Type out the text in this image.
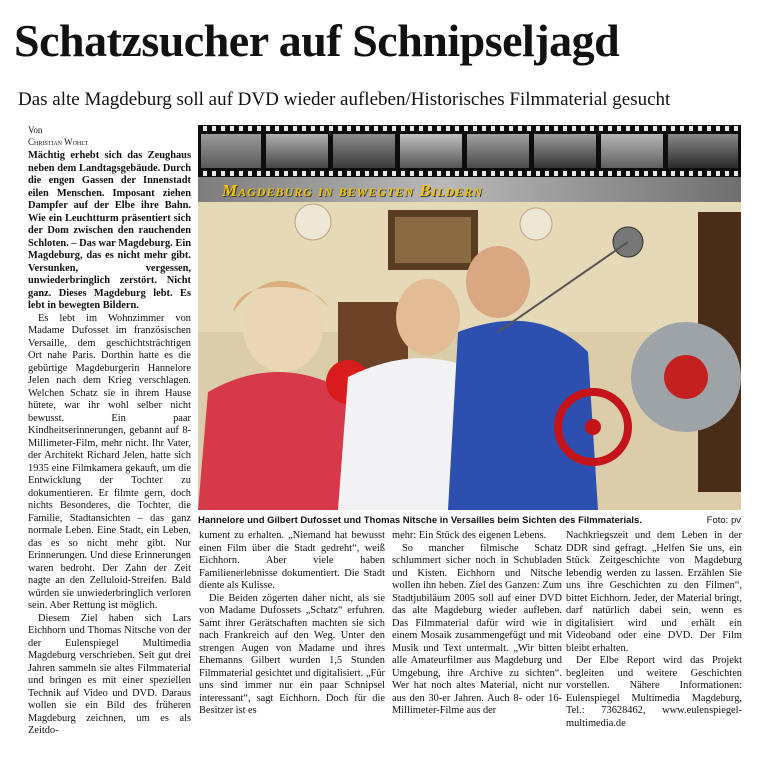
Schatzsucher auf Schnipseljagd
Das alte Magdeburg soll auf DVD wieder aufleben/Historisches Filmmaterial gesucht
Von
Christian Wohlt

Mächtig erhebt sich das Zeughaus neben dem Landtagsgebäude. Durch die engen Gassen der Innenstadt eilen Menschen. Imposant ziehen Dampfer auf der Elbe ihre Bahn. Wie ein Leuchtturm präsentiert sich der Dom zwischen den rauchenden Schloten. – Das war Magdeburg. Ein Magdeburg, das es nicht mehr gibt. Versunken, vergessen, unwiederbringlich zerstört. Nicht ganz. Dieses Magdeburg lebt. Es lebt in bewegten Bildern.

Es lebt im Wohnzimmer von Madame Dufosset im französischen Versaille, dem geschichtsträchtigen Ort nahe Paris. Dorthin hatte es die gebürtige Magdeburgerin Hannelore Jelen nach dem Krieg verschlagen. Welchen Schatz sie in ihrem Hause hütete, war ihr wohl selber nicht bewusst. Ein paar Kindheitserinnerungen, gebannt auf 8-Millimeter-Film, mehr nicht. Ihr Vater, der Architekt Richard Jelen, hatte sich 1935 eine Filmkamera gekauft, um die Entwicklung der Tochter zu dokumentieren. Er filmte gern, doch nichts Besonderes, die Tochter, die Familie, Stadtansichten – das ganz normale Leben. Eine Stadt, ein Leben, das es so nicht mehr gibt. Nur Erinnerungen. Und diese Erinnerungen waren bedroht. Der Zahn der Zeit nagte an den Zelluloid-Streifen. Bald würden sie unwiederbringlich verloren sein. Aber Rettung ist möglich.

Diesem Ziel haben sich Lars Eichhorn und Thomas Nitsche von der der Eulenspiegel Multimedia Magdeburg verschrieben. Seit gut drei Jahren sammeln sie altes Filmmaterial und bringen es mit einer speziellen Technik auf Video und DVD. Daraus wollen sie ein Bild des früheren Magdeburg zeichnen, um es als Zeitdo-

Magdeburg in bewegten Bildern
Hannelore und Gilbert Dufosset und Thomas Nitsche in Versailles beim Sichten des Filmmaterials.	Foto: pv

kument zu erhalten. „Niemand hat bewusst einen Film über die Stadt gedreht“, weiß Eichhorn. Aber viele haben Familienerlebnisse dokumentiert. Die Stadt diente als Kulisse.

Die Beiden zögerten daher nicht, als sie von Madame Dufossets „Schatz“ erfuhren. Samt ihrer Gerätschaften machten sie sich nach Frankreich auf den Weg. Unter den strengen Augen von Madame und ihres Ehemanns Gilbert wurden 1,5 Stunden Filmmaterial gesichtet und digitalisiert. „Für uns sind immer nur ein paar Schnipsel interessant“, sagt Eichhorn. Doch für die Besitzer ist es

mehr: Ein Stück des eigenen Lebens.

So mancher filmische Schatz schlummert sicher noch in Schubladen und Kisten. Eichhorn und Nitsche wollen ihn heben. Ziel des Ganzen: Zum Stadtjubiläum 2005 soll auf einer DVD das alte Magdeburg wieder aufleben. Das Filmmaterial dafür wird wie in einem Mosaik zusammengefügt und mit Musik und Text untermalt. „Wir bitten alle Amateurfilmer aus Magdeburg und Umgebung, ihre Archive zu sichten“. Wer hat noch altes Material, nicht nur aus den 30-er Jahren. Auch 8- oder 16-Millimeter-Filme aus der

Nachkriegszeit und dem Leben in der DDR sind gefragt. „Helfen Sie uns, ein Stück Zeitgeschichte von Magdeburg lebendig werden zu lassen. Erzählen Sie uns ihre Geschichten zu den Filmen“, bittet Eichhorn. Jeder, der Material bringt, darf natürlich dabei sein, wenn es digitalisiert wird und erhält ein Videoband oder eine DVD. Der Film bleibt erhalten.

Der Elbe Report wird das Projekt begleiten und weitere Geschichten vorstellen. Nähere Informationen: Eulenspiegel Multimedia Magdeburg, Tel.: 73628462, www.eulenspiegel-multimedia.de
